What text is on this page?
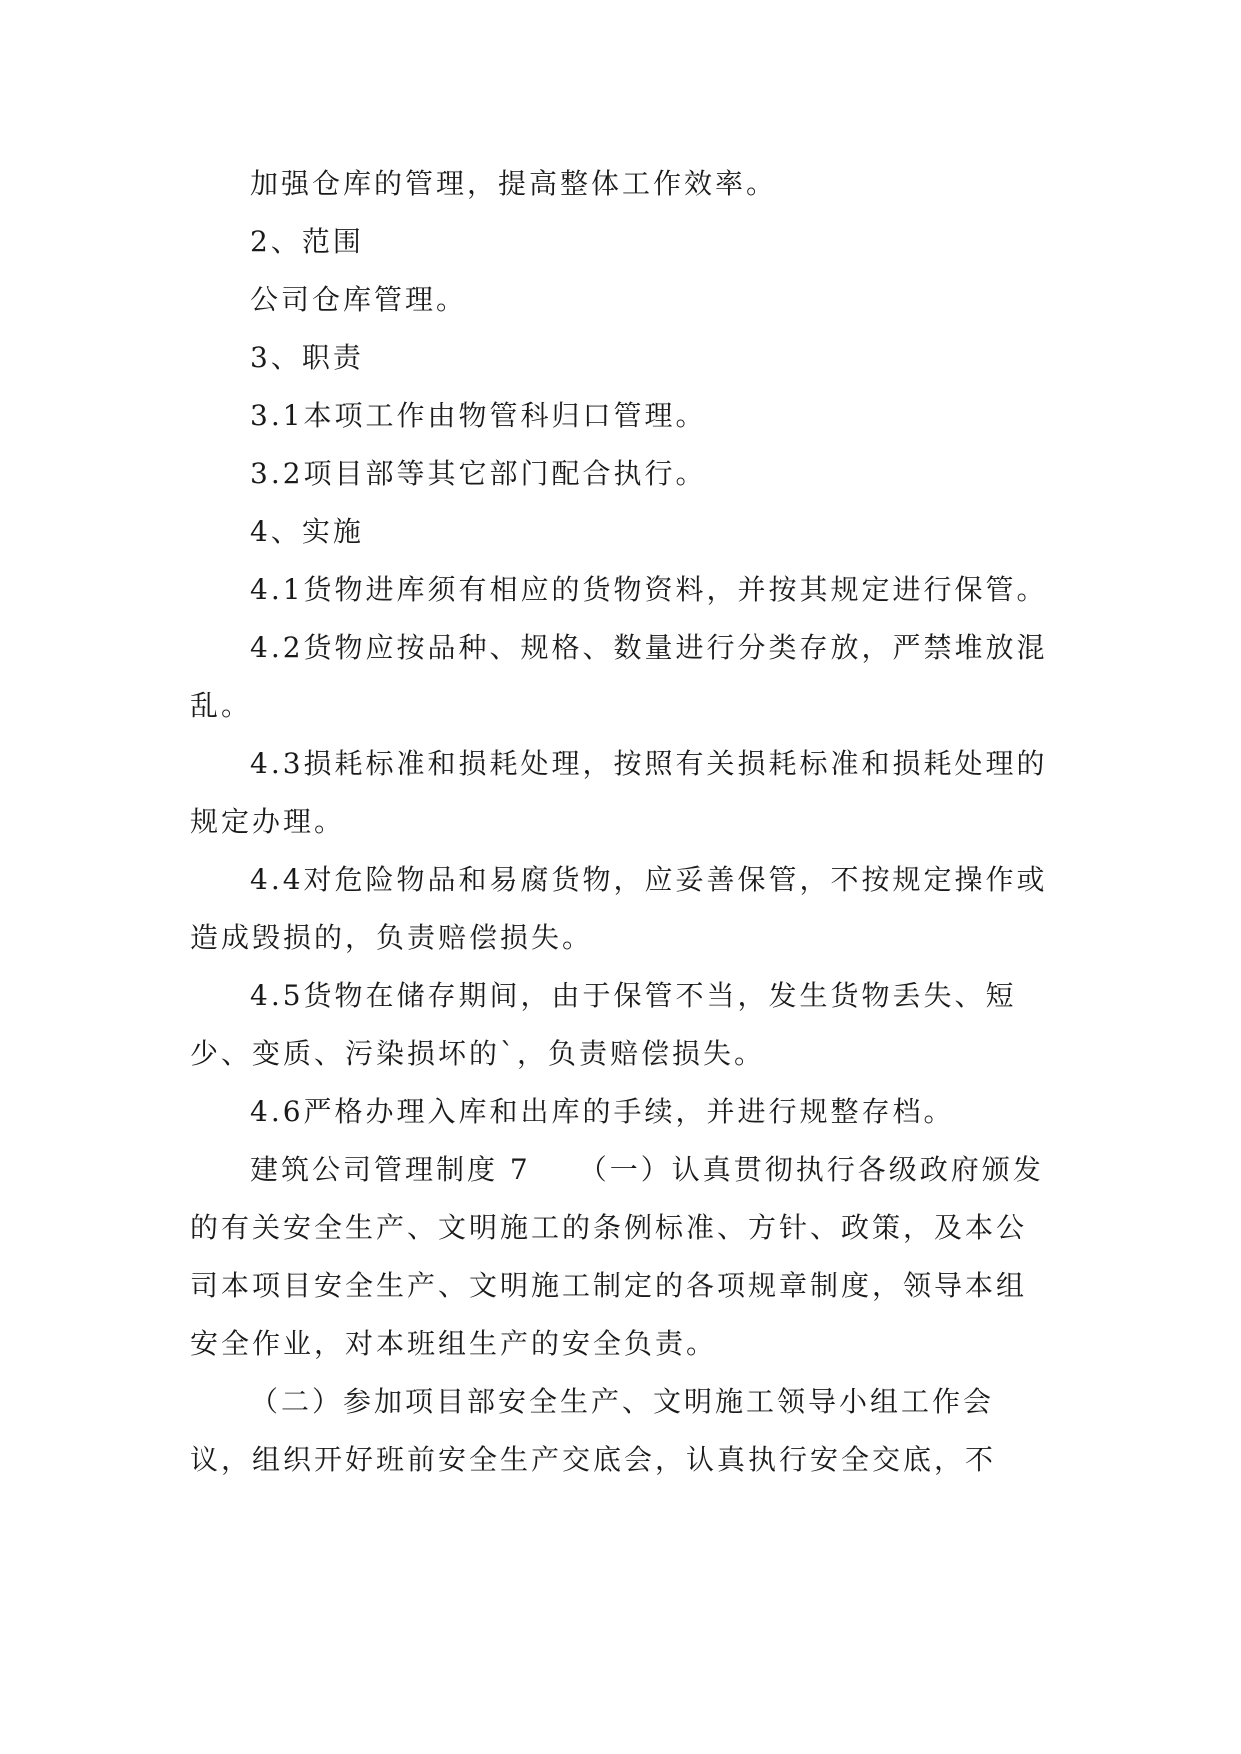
加强仓库的管理，提高整体工作效率。

2、范围

公司仓库管理。

3、职责

3.1本项工作由物管科归口管理。

3.2项目部等其它部门配合执行。

4、实施

4.1货物进库须有相应的货物资料，并按其规定进行保管。

4.2货物应按品种、规格、数量进行分类存放，严禁堆放混乱。

4.3损耗标准和损耗处理，按照有关损耗标准和损耗处理的规定办理。

4.4对危险物品和易腐货物，应妥善保管，不按规定操作或造成毁损的，负责赔偿损失。

4.5货物在储存期间，由于保管不当，发生货物丢失、短少、变质、污染损坏的`，负责赔偿损失。

4.6严格办理入库和出库的手续，并进行规整存档。

建筑公司管理制度 7　　（一）认真贯彻执行各级政府颁发的有关安全生产、文明施工的条例标准、方针、政策，及本公司本项目安全生产、文明施工制定的各项规章制度，领导本组安全作业，对本班组生产的安全负责。

（二）参加项目部安全生产、文明施工领导小组工作会议，组织开好班前安全生产交底会，认真执行安全交底，不
